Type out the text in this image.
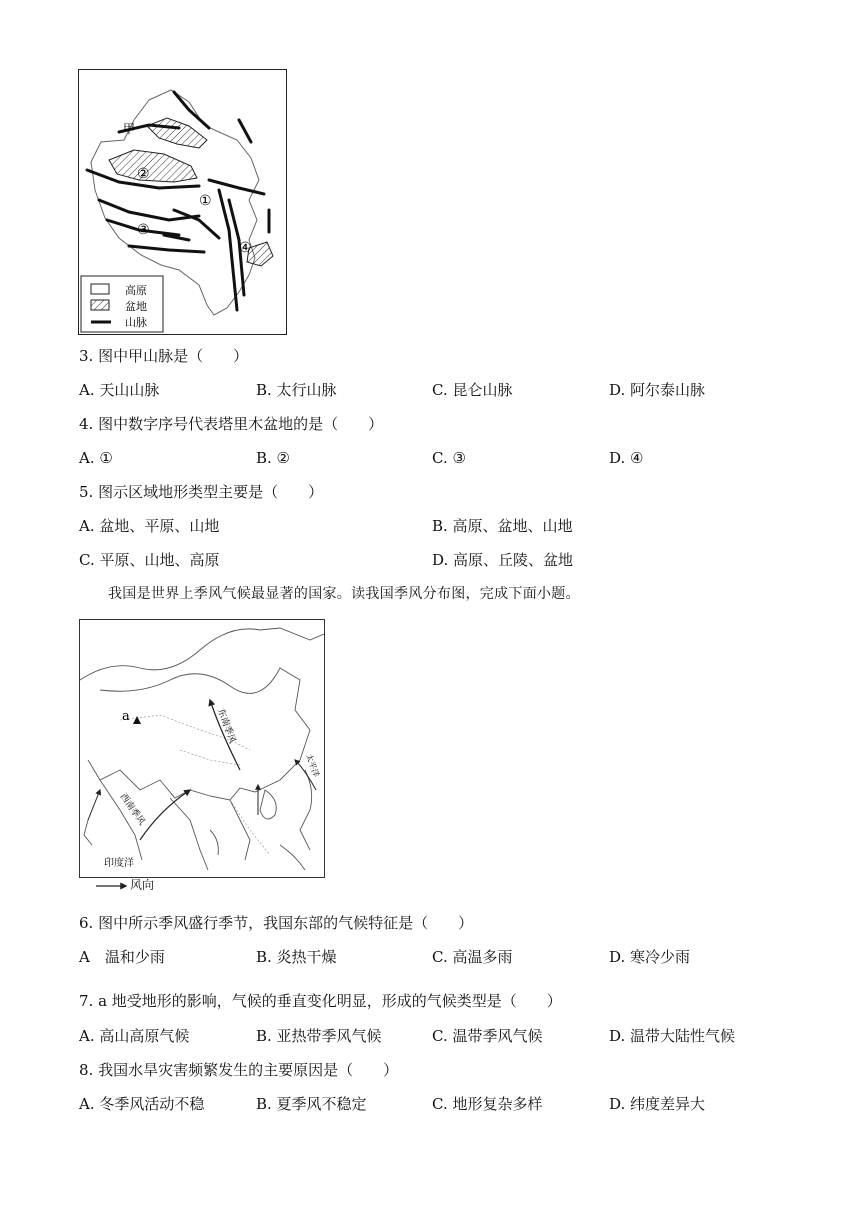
甲
②
①
③
④
高原
盆地
山脉
3. 图中甲山脉是（　　）
A. 天山山脉	B. 太行山脉	C. 昆仑山脉	D. 阿尔泰山脉
4. 图中数字序号代表塔里木盆地的是（　　）
A. ①	B. ②	C. ③	D. ④
5. 图示区域地形类型主要是（　　）
A. 盆地、平原、山地	B. 高原、盆地、山地
C. 平原、山地、高原	D. 高原、丘陵、盆地
我国是世界上季风气候最显著的国家。读我国季风分布图，完成下面小题。
a	东南季风
西南季风
太平洋
印度洋
风向
6. 图中所示季风盛行季节，我国东部的气候特征是（　　）
A　温和少雨	B. 炎热干燥	C. 高温多雨	D. 寒冷少雨
7. a 地受地形的影响，气候的垂直变化明显，形成的气候类型是（　　）
A. 高山高原气候	B. 亚热带季风气候	C. 温带季风气候	D. 温带大陆性气候
8. 我国水旱灾害频繁发生的主要原因是（　　）
A. 冬季风活动不稳	B. 夏季风不稳定	C. 地形复杂多样	D. 纬度差异大
